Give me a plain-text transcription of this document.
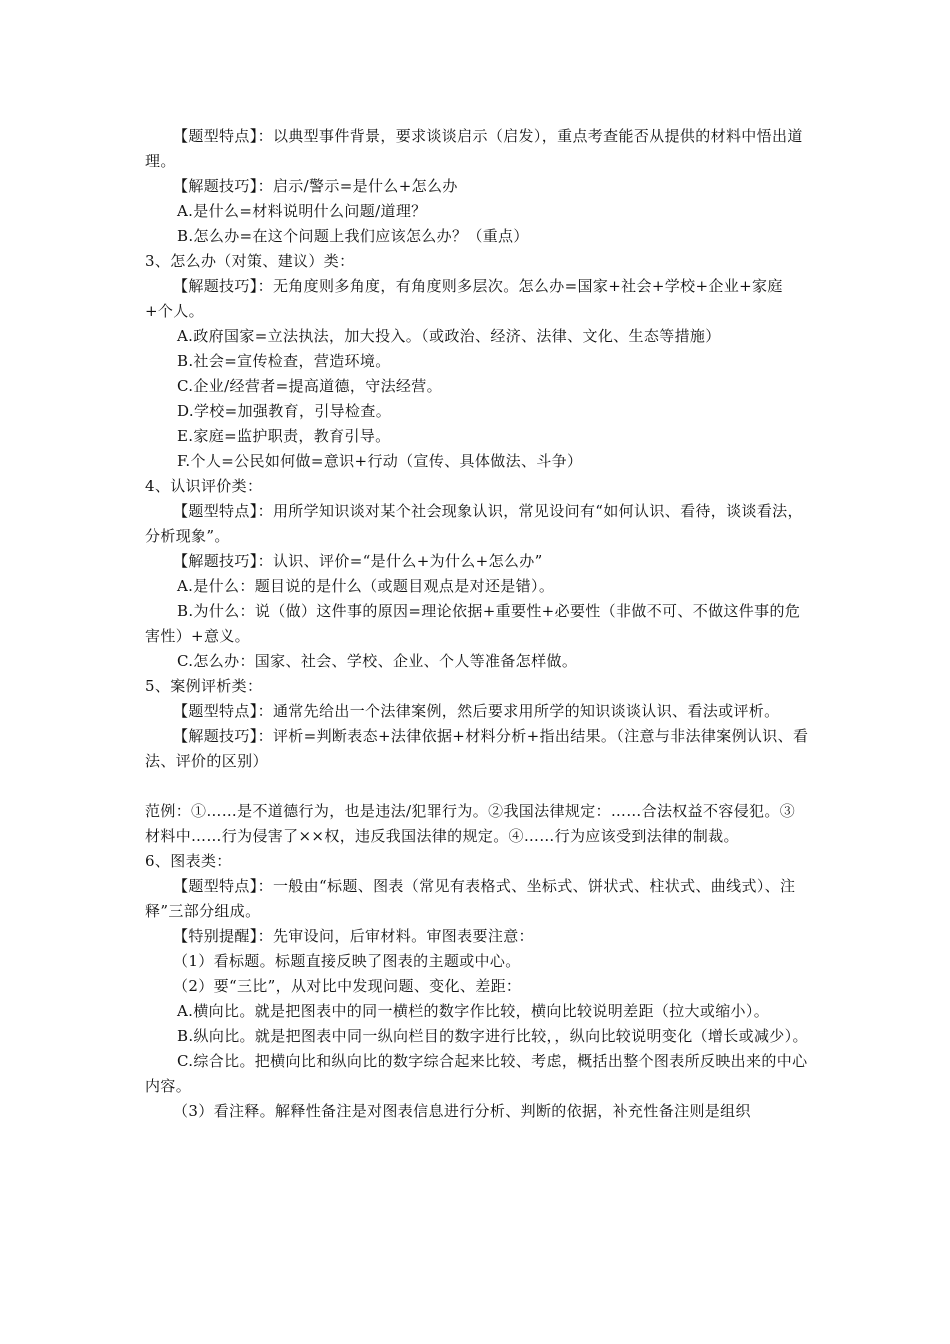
【题型特点】：以典型事件背景，要求谈谈启示（启发），重点考查能否从提供的材料中悟出道理。

【解题技巧】：启示/警示=是什么+怎么办

A.是什么=材料说明什么问题/道理？

B.怎么办=在这个问题上我们应该怎么办？（重点）

3、怎么办（对策、建议）类：

【解题技巧】：无角度则多角度，有角度则多层次。怎么办=国家+社会+学校+企业+家庭+个人。

A.政府国家=立法执法，加大投入。（或政治、经济、法律、文化、生态等措施）

B.社会=宣传检查，营造环境。

C.企业/经营者=提高道德，守法经营。

D.学校=加强教育，引导检查。

E.家庭=监护职责，教育引导。

F.个人=公民如何做=意识+行动（宣传、具体做法、斗争）

4、认识评价类：

【题型特点】：用所学知识谈对某个社会现象认识，常见设问有“如何认识、看待，谈谈看法，分析现象”。

【解题技巧】：认识、评价=“是什么+为什么+怎么办”

A.是什么：题目说的是什么（或题目观点是对还是错）。

B.为什么：说（做）这件事的原因=理论依据+重要性+必要性（非做不可、不做这件事的危害性）+意义。

C.怎么办：国家、社会、学校、企业、个人等准备怎样做。

5、案例评析类：

【题型特点】：通常先给出一个法律案例，然后要求用所学的知识谈谈认识、看法或评析。

【解题技巧】：评析=判断表态+法律依据+材料分析+指出结果。（注意与非法律案例认识、看法、评价的区别）

范例：①……是不道德行为，也是违法/犯罪行为。②我国法律规定：……合法权益不容侵犯。③材料中……行为侵害了××权，违反我国法律的规定。④……行为应该受到法律的制裁。

6、图表类：

【题型特点】：一般由“标题、图表（常见有表格式、坐标式、饼状式、柱状式、曲线式）、注释”三部分组成。

【特别提醒】：先审设问，后审材料。审图表要注意：

（1）看标题。标题直接反映了图表的主题或中心。

（2）要“三比”，从对比中发现问题、变化、差距：

A.横向比。就是把图表中的同一横栏的数字作比较，横向比较说明差距（拉大或缩小）。

B.纵向比。就是把图表中同一纵向栏目的数字进行比较，，纵向比较说明变化（增长或减少）。

C.综合比。把横向比和纵向比的数字综合起来比较、考虑，概括出整个图表所反映出来的中心内容。

（3）看注释。解释性备注是对图表信息进行分析、判断的依据，补充性备注则是组织
